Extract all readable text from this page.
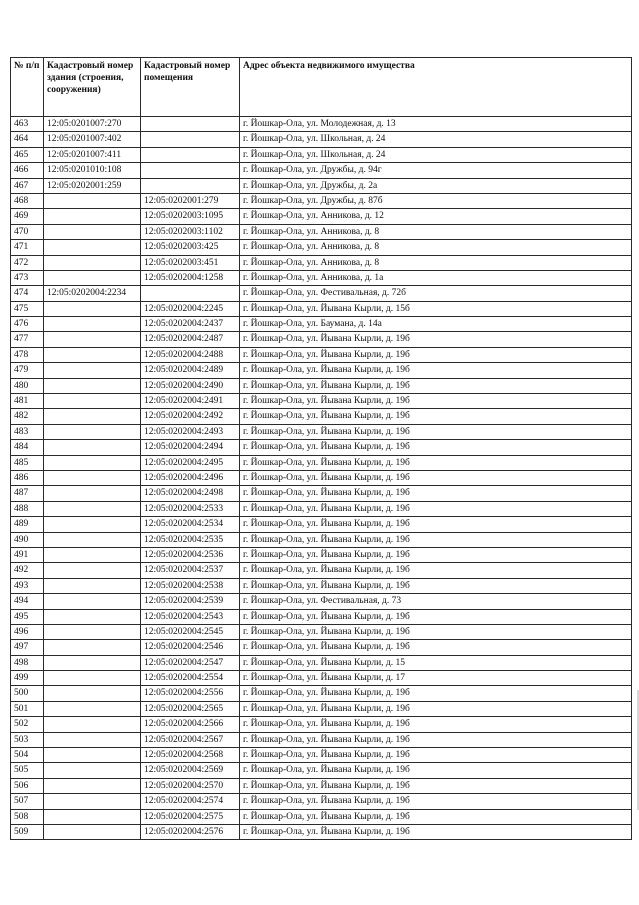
№ п/п	Кадастровый номер здания (строения, сооружения)	Кадастровый номер помещения	Адрес объекта недвижимого имущества
463	12:05:0201007:270		г. Йошкар-Ола, ул. Молодежная, д. 13
464	12:05:0201007:402		г. Йошкар-Ола, ул. Школьная, д. 24
465	12:05:0201007:411		г. Йошкар-Ола, ул. Школьная, д. 24
466	12:05:0201010:108		г. Йошкар-Ола, ул. Дружбы, д. 94г
467	12:05:0202001:259		г. Йошкар-Ола, ул. Дружбы, д. 2а
468		12:05:0202001:279	г. Йошкар-Ола, ул. Дружбы, д. 87б
469		12:05:0202003:1095	г. Йошкар-Ола, ул. Анникова, д. 12
470		12:05:0202003:1102	г. Йошкар-Ола, ул. Анникова, д. 8
471		12:05:0202003:425	г. Йошкар-Ола, ул. Анникова, д. 8
472		12:05:0202003:451	г. Йошкар-Ола, ул. Анникова, д. 8
473		12:05:0202004:1258	г. Йошкар-Ола, ул. Анникова, д. 1а
474	12:05:0202004:2234		г. Йошкар-Ола, ул. Фестивальная, д. 72б
475		12:05:0202004:2245	г. Йошкар-Ола, ул. Йывана Кырли, д. 15б
476		12:05:0202004:2437	г. Йошкар-Ола, ул. Баумана, д. 14а
477		12:05:0202004:2487	г. Йошкар-Ола, ул. Йывана Кырли, д. 19б
478		12:05:0202004:2488	г. Йошкар-Ола, ул. Йывана Кырли, д. 19б
479		12:05:0202004:2489	г. Йошкар-Ола, ул. Йывана Кырли, д. 19б
480		12:05:0202004:2490	г. Йошкар-Ола, ул. Йывана Кырли, д. 19б
481		12:05:0202004:2491	г. Йошкар-Ола, ул. Йывана Кырли, д. 19б
482		12:05:0202004:2492	г. Йошкар-Ола, ул. Йывана Кырли, д. 19б
483		12:05:0202004:2493	г. Йошкар-Ола, ул. Йывана Кырли, д. 19б
484		12:05:0202004:2494	г. Йошкар-Ола, ул. Йывана Кырли, д. 19б
485		12:05:0202004:2495	г. Йошкар-Ола, ул. Йывана Кырли, д. 19б
486		12:05:0202004:2496	г. Йошкар-Ола, ул. Йывана Кырли, д. 19б
487		12:05:0202004:2498	г. Йошкар-Ола, ул. Йывана Кырли, д. 19б
488		12:05:0202004:2533	г. Йошкар-Ола, ул. Йывана Кырли, д. 19б
489		12:05:0202004:2534	г. Йошкар-Ола, ул. Йывана Кырли, д. 19б
490		12:05:0202004:2535	г. Йошкар-Ола, ул. Йывана Кырли, д. 19б
491		12:05:0202004:2536	г. Йошкар-Ола, ул. Йывана Кырли, д. 19б
492		12:05:0202004:2537	г. Йошкар-Ола, ул. Йывана Кырли, д. 19б
493		12:05:0202004:2538	г. Йошкар-Ола, ул. Йывана Кырли, д. 19б
494		12:05:0202004:2539	г. Йошкар-Ола, ул. Фестивальная, д. 73
495		12:05:0202004:2543	г. Йошкар-Ола, ул. Йывана Кырли, д. 19б
496		12:05:0202004:2545	г. Йошкар-Ола, ул. Йывана Кырли, д. 19б
497		12:05:0202004:2546	г. Йошкар-Ола, ул. Йывана Кырли, д. 19б
498		12:05:0202004:2547	г. Йошкар-Ола, ул. Йывана Кырли, д. 15
499		12:05:0202004:2554	г. Йошкар-Ола, ул. Йывана Кырли, д. 17
500		12:05:0202004:2556	г. Йошкар-Ола, ул. Йывана Кырли, д. 19б
501		12:05:0202004:2565	г. Йошкар-Ола, ул. Йывана Кырли, д. 19б
502		12:05:0202004:2566	г. Йошкар-Ола, ул. Йывана Кырли, д. 19б
503		12:05:0202004:2567	г. Йошкар-Ола, ул. Йывана Кырли, д. 19б
504		12:05:0202004:2568	г. Йошкар-Ола, ул. Йывана Кырли, д. 19б
505		12:05:0202004:2569	г. Йошкар-Ола, ул. Йывана Кырли, д. 19б
506		12:05:0202004:2570	г. Йошкар-Ола, ул. Йывана Кырли, д. 19б
507		12:05:0202004:2574	г. Йошкар-Ола, ул. Йывана Кырли, д. 19б
508		12:05:0202004:2575	г. Йошкар-Ола, ул. Йывана Кырли, д. 19б
509		12:05:0202004:2576	г. Йошкар-Ола, ул. Йывана Кырли, д. 19б
